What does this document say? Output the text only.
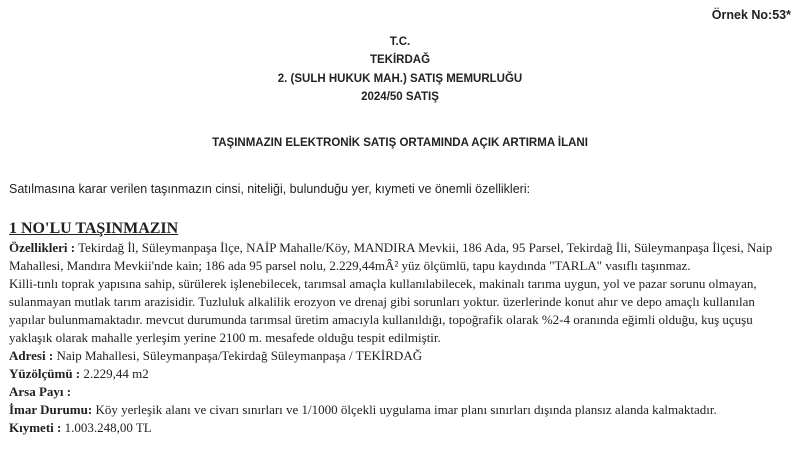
Örnek No:53*
T.C.
TEKİRDAĞ
2. (SULH HUKUK MAH.) SATIŞ MEMURLUĞU
2024/50 SATIŞ
TAŞINMAZIN ELEKTRONİK SATIŞ ORTAMINDA AÇIK ARTIRMA İLANI
Satılmasına karar verilen taşınmazın cinsi, niteliği, bulunduğu yer, kıymeti ve önemli özellikleri:
1 NO'LU TAŞINMAZIN

Özellikleri : Tekirdağ İl, Süleymanpaşa İlçe, NAİP Mahalle/Köy, MANDIRA Mevkii, 186 Ada, 95 Parsel, Tekirdağ İli, Süleymanpaşa İlçesi, Naip Mahallesi, Mandıra Mevkii'nde kain; 186 ada 95 parsel nolu, 2.229,44mÂ² yüz ölçümlü, tapu kaydında "TARLA" vasıflı taşınmaz.

Killi-tınlı toprak yapısına sahip, sürülerek işlenebilecek, tarımsal amaçla kullanılabilecek, makinalı tarıma uygun, yol ve pazar sorunu olmayan, sulanmayan mutlak tarım arazisidir. Tuzluluk alkalilik erozyon ve drenaj gibi sorunları yoktur. üzerlerinde konut ahır ve depo amaçlı kullanılan yapılar bulunmamaktadır. mevcut durumunda tarımsal üretim amacıyla kullanıldığı, topoğrafik olarak %2-4 oranında eğimli olduğu, kuş uçuşu yaklaşık olarak mahalle yerleşim yerine 2100 m. mesafede olduğu tespit edilmiştir.

Adresi : Naip Mahallesi, Süleymanpaşa/Tekirdağ Süleymanpaşa / TEKİRDAĞ

Yüzölçümü : 2.229,44 m2

Arsa Payı :

İmar Durumu: Köy yerleşik alanı ve civarı sınırları ve 1/1000 ölçekli uygulama imar planı sınırları dışında plansız alanda kalmaktadır.

Kıymeti : 1.003.248,00 TL
